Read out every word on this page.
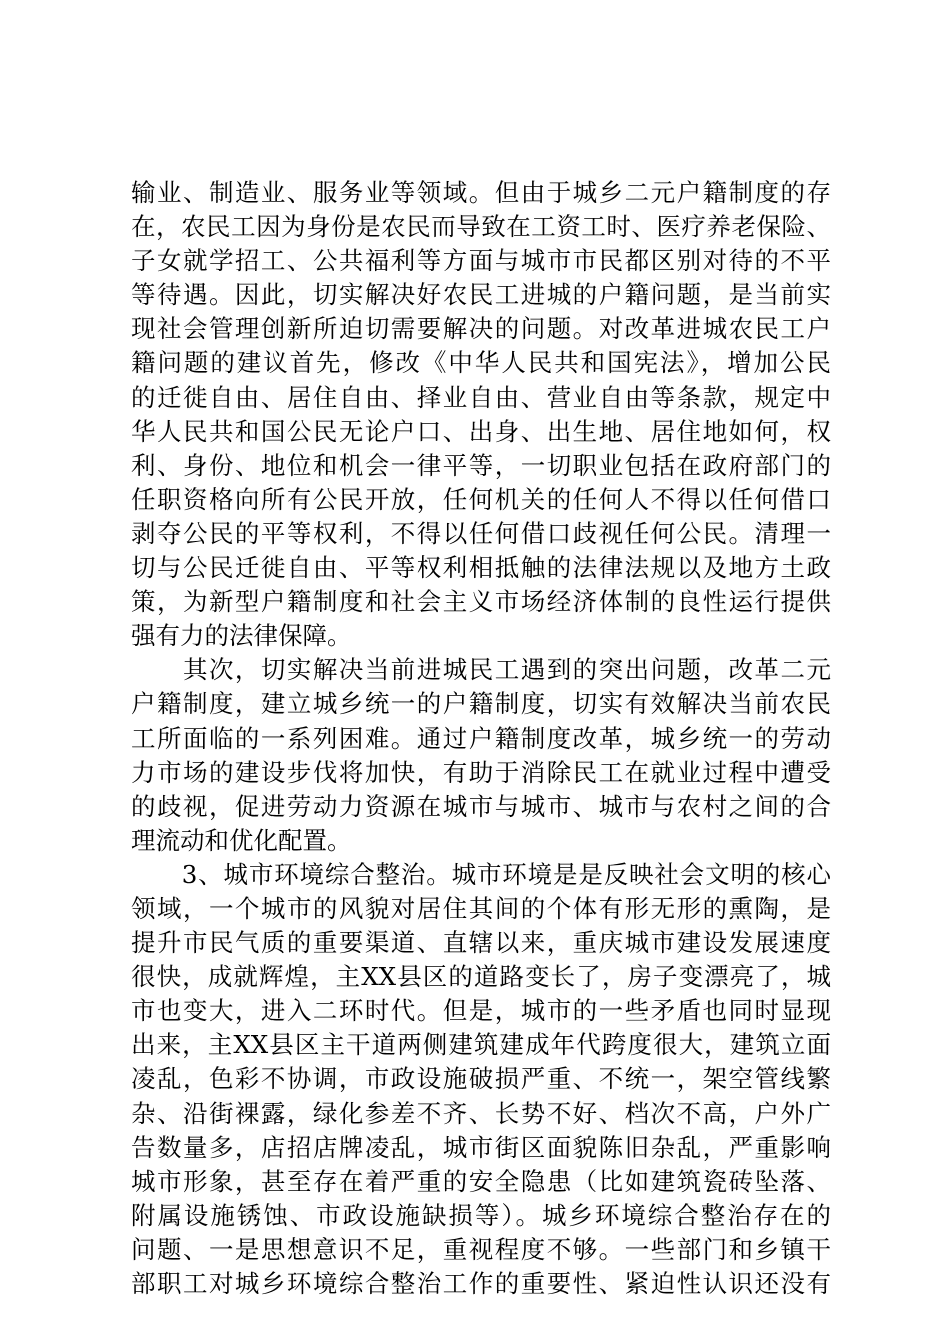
输业、制造业、服务业等领域。但由于城乡二元户籍制度的存
在，农民工因为身份是农民而导致在工资工时、医疗养老保险、
子女就学招工、公共福利等方面与城市市民都区别对待的不平
等待遇。因此，切实解决好农民工进城的户籍问题，是当前实
现社会管理创新所迫切需要解决的问题。对改革进城农民工户
籍问题的建议首先，修改《中华人民共和国宪法》，增加公民
的迁徙自由、居住自由、择业自由、营业自由等条款，规定中
华人民共和国公民无论户口、出身、出生地、居住地如何，权
利、身份、地位和机会一律平等，一切职业包括在政府部门的
任职资格向所有公民开放，任何机关的任何人不得以任何借口
剥夺公民的平等权利，不得以任何借口歧视任何公民。清理一
切与公民迁徙自由、平等权利相抵触的法律法规以及地方土政
策，为新型户籍制度和社会主义市场经济体制的良性运行提供
强有力的法律保障。
　　其次，切实解决当前进城民工遇到的突出问题，改革二元
户籍制度，建立城乡统一的户籍制度，切实有效解决当前农民
工所面临的一系列困难。通过户籍制度改革，城乡统一的劳动
力市场的建设步伐将加快，有助于消除民工在就业过程中遭受
的歧视，促进劳动力资源在城市与城市、城市与农村之间的合
理流动和优化配置。
　　3、城市环境综合整治。城市环境是是反映社会文明的核心
领域，一个城市的风貌对居住其间的个体有形无形的熏陶，是
提升市民气质的重要渠道、直辖以来，重庆城市建设发展速度
很快，成就辉煌，主XX县区的道路变长了，房子变漂亮了，城
市也变大，进入二环时代。但是，城市的一些矛盾也同时显现
出来，主XX县区主干道两侧建筑建成年代跨度很大，建筑立面
凌乱，色彩不协调，市政设施破损严重、不统一，架空管线繁
杂、沿街裸露，绿化参差不齐、长势不好、档次不高，户外广
告数量多，店招店牌凌乱，城市街区面貌陈旧杂乱，严重影响
城市形象，甚至存在着严重的安全隐患（比如建筑瓷砖坠落、
附属设施锈蚀、市政设施缺损等）。城乡环境综合整治存在的
问题、一是思想意识不足，重视程度不够。一些部门和乡镇干
部职工对城乡环境综合整治工作的重要性、紧迫性认识还没有
